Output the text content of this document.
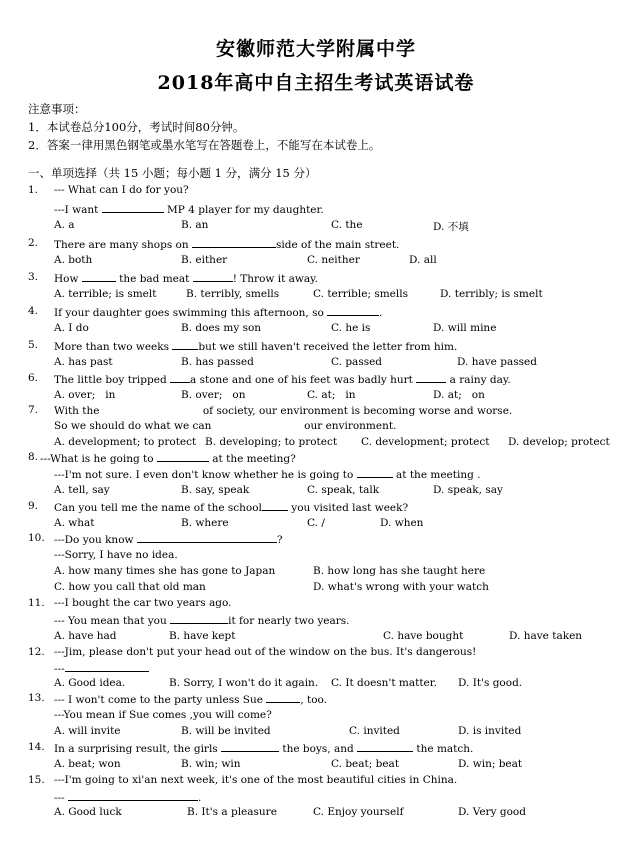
安徽师范大学附属中学
2018年高中自主招生考试英语试卷
注意事项：
1．本试卷总分100分，考试时间80分钟。
2．答案一律用黑色钢笔或墨水笔写在答题卷上，不能写在本试卷上。
一、单项选择（共 15 小题；每小题 1 分，满分 15 分）
1. --- What can I do for you?
---I want	MP 4 player for my daughter.
A. a	B. an	C. the	D. 不填
2. There are many shops on	side of the main street.
A. both	B. either	C. neither	D. all
3. How	the bad meat	! Throw it away.
A. terrible; is smelt	B. terribly, smells	C. terrible; smells	D. terribly; is smelt
4. If your daughter goes swimming this afternoon, so	.
A. I do	B. does my son	C. he is	D. will mine
5. More than two weeks	but we still haven't received the letter from him.
A. has past	B. has passed	C. passed	D. have passed
6. The little boy tripped a stone and one of his feet was badly hurt	a rainy day.
A. over;   in	B. over;   on	C. at;   in	D. at;   on
7. With the	of society, our environment is becoming worse and worse.
So we should do what we can	our environment.
A. development; to protect B. developing; to protect C. development; protect D. develop; protect
8. ---What is he going to	at the meeting?
---I'm not sure. I even don't know whether he is going to	at the meeting .
A. tell, say	B. say, speak	C. speak, talk	D. speak, say
9. Can you tell me the name of the school	you visited last week?
A. what	B. where	C. /	D. when
10. ---Do you know	?
---Sorry, I have no idea.
A. how many times she has gone to Japan	B. how long has she taught here
C. how you call that old man	D. what's wrong with your watch
11. ---I bought the car two years ago.
--- You mean that you	it for nearly two years.
A. have had	B. have kept	C. have bought	D. have taken
12. ---Jim, please don't put your head out of the window on the bus. It's dangerous!
---
A. Good idea.	B. Sorry, I won't do it again. C. It doesn't matter. D. It's good.
13. --- I won't come to the party unless Sue	, too.
---You mean if Sue comes ,you will come?
A. will invite	B. will be invited	C. invited	D. is invited
14. In a surprising result, the girls	the boys, and	the match.
A. beat; won	B. win; win	C. beat; beat	D. win; beat
15. ---I'm going to xi'an next week, it's one of the most beautiful cities in China.
---	.
A. Good luck	B. It's a pleasure	C. Enjoy yourself	D. Very good
